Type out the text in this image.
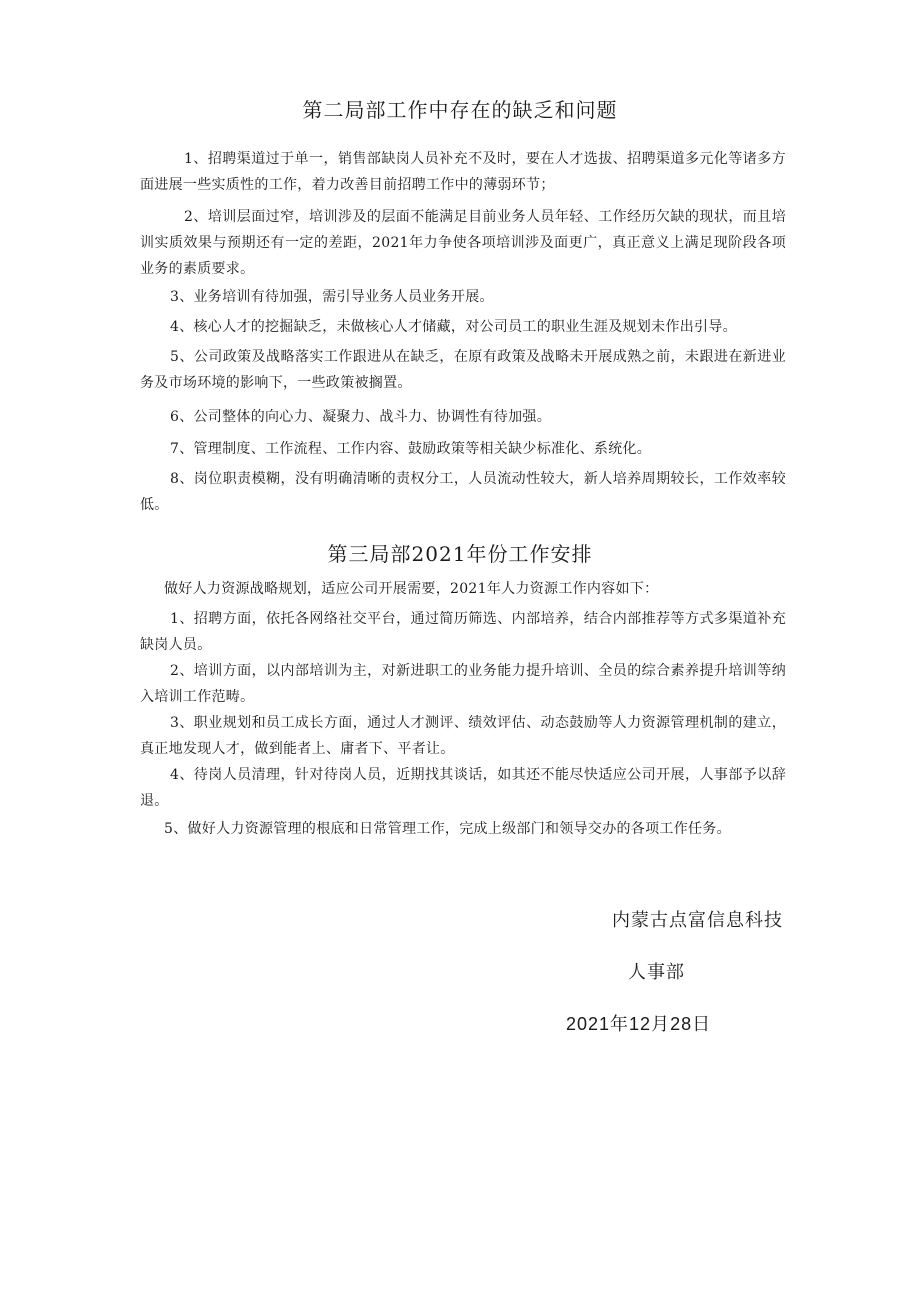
第二局部工作中存在的缺乏和问题

1、招聘渠道过于单一，销售部缺岗人员补充不及时，要在人才选拔、招聘渠道多元化等诸多方面进展一些实质性的工作，着力改善目前招聘工作中的薄弱环节；

2、培训层面过窄，培训涉及的层面不能满足目前业务人员年轻、工作经历欠缺的现状，而且培训实质效果与预期还有一定的差距，2021年力争使各项培训涉及面更广，真正意义上满足现阶段各项业务的素质要求。

3、业务培训有待加强，需引导业务人员业务开展。

4、核心人才的挖掘缺乏，未做核心人才储藏，对公司员工的职业生涯及规划未作出引导。

5、公司政策及战略落实工作跟进从在缺乏，在原有政策及战略未开展成熟之前，未跟进在新进业务及市场环境的影响下，一些政策被搁置。

6、公司整体的向心力、凝聚力、战斗力、协调性有待加强。

7、管理制度、工作流程、工作内容、鼓励政策等相关缺少标准化、系统化。

8、岗位职责模糊，没有明确清晰的责权分工，人员流动性较大，新人培养周期较长，工作效率较低。

第三局部2021年份工作安排

做好人力资源战略规划，适应公司开展需要，2021年人力资源工作内容如下：

1、招聘方面，依托各网络社交平台，通过简历筛选、内部培养，结合内部推荐等方式多渠道补充缺岗人员。

2、培训方面，以内部培训为主，对新进职工的业务能力提升培训、全员的综合素养提升培训等纳入培训工作范畴。

3、职业规划和员工成长方面，通过人才测评、绩效评估、动态鼓励等人力资源管理机制的建立，真正地发现人才，做到能者上、庸者下、平者让。

4、待岗人员清理，针对待岗人员，近期找其谈话，如其还不能尽快适应公司开展，人事部予以辞退。

5、做好人力资源管理的根底和日常管理工作，完成上级部门和领导交办的各项工作任务。

内蒙古点富信息科技

人事部

2021年12月28日
